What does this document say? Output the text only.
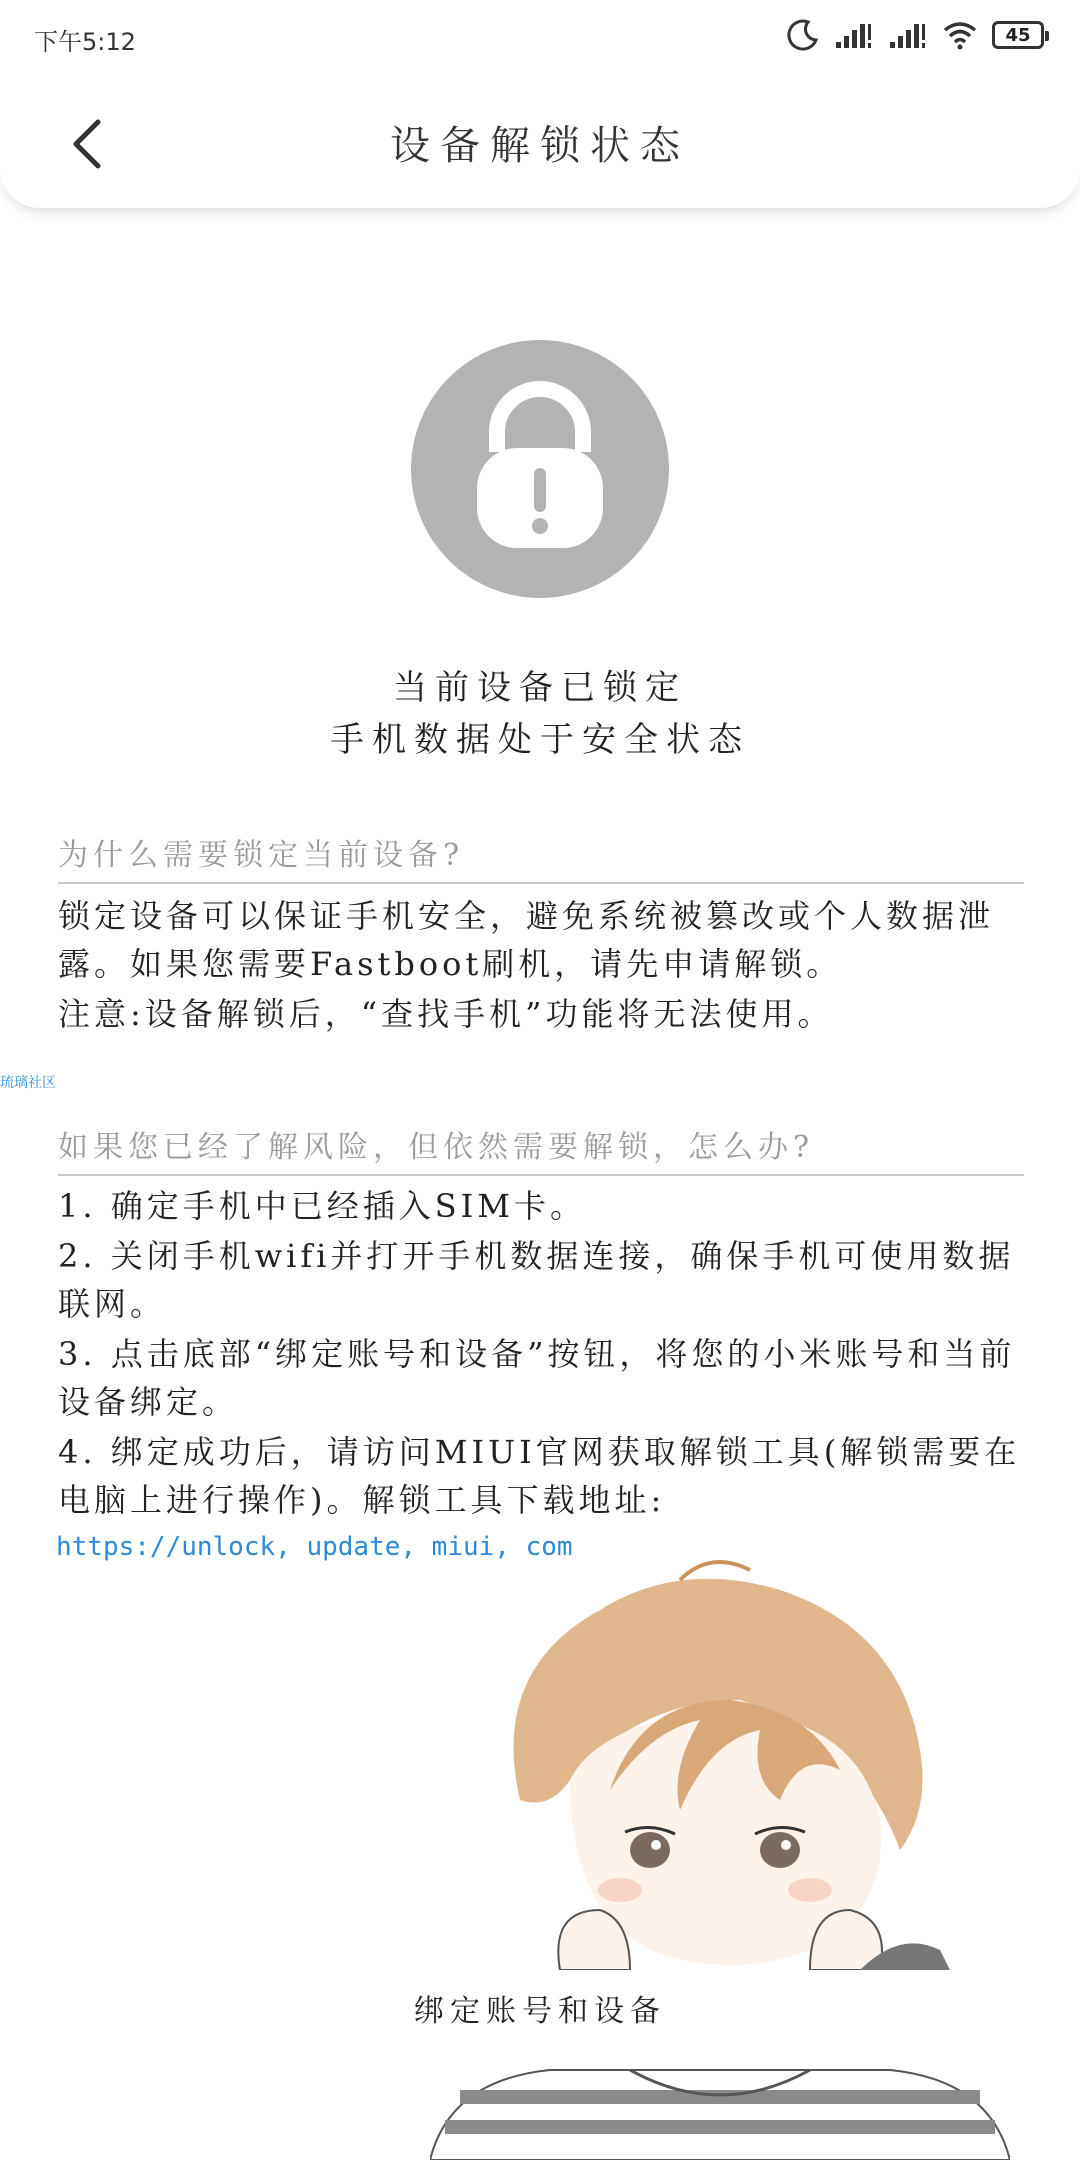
下午5:12	45
设备解锁状态
当前设备已锁定
手机数据处于安全状态
为什么需要锁定当前设备?

锁定设备可以保证手机安全，避免系统被篡改或个人数据泄露。如果您需要Fastboot刷机，请先申请解锁。

注意:设备解锁后，“查找手机”功能将无法使用。

琉璃社区
如果您已经了解风险，但依然需要解锁，怎么办?

1. 确定手机中已经插入SIM卡。

2. 关闭手机wifi并打开手机数据连接，确保手机可使用数据联网。

3. 点击底部“绑定账号和设备”按钮，将您的小米账号和当前设备绑定。

4. 绑定成功后，请访问MIUI官网获取解锁工具(解锁需要在电脑上进行操作)。解锁工具下载地址:

https://unlock, update, miui, com
绑定账号和设备
